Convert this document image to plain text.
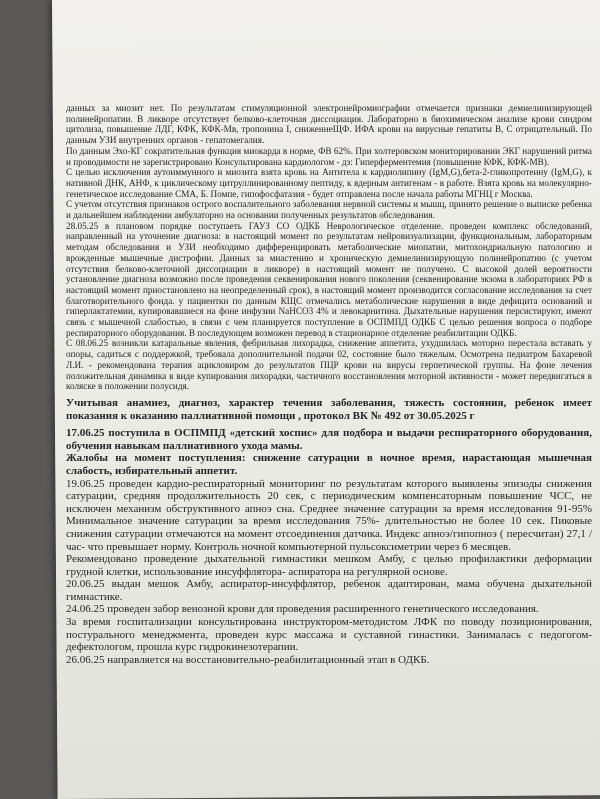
данных за миозит нет. По результатам стимуляционной электронейромиографии отмечается признаки демиелинизирующей полинейропатии. В ликворе отсутствует белково-клеточная диссоциация. Лабораторно в биохимическом анализе крови синдром цитолиза, повышение ЛДГ, КФК, КФК-Мв, тропонина I, сниженнеЩФ. ИФА крови на вирусные гепатиты В, С отрицательный. По данным УЗИ внутренних органов - гепатомегалия.

По данным Эхо-КГ сократительная функция миокарда в норме, ФВ 62%. При холтеровском мониторировании ЭКГ нарушений ритма и проводимости не зарегистрировано Консультирована кардиологом - дз: Гиперферментемия (повышение КФК, КФК-МВ).

С целью исключения аутоиммунного и миозита взята кровь на Антитела к кардиолипину (IgM,G),бета-2-гликопротеину (IgM,G), к нативной ДНК, АНФ, к циклическому цитруллинированному пептиду, к ядерным антигенам - в работе. Взята кровь на молекулярно-генетическое исследование СМА, Б. Помпе, гипофосфатазия - будет отправлена после начала работы МГНЦ г Москва.

С учетом отсутствия признаков острого воспалительного заболевания нервной системы и мышц, принято решение о выписке ребенка и дальнейшем наблюдении амбулаторно на основании полученных результатов обследования.

28.05.25 в плановом порядке поступаеть ГАУЗ СО ОДКБ Неврологическое отделение. проведен комплекс обследований, направленный на уточнение диагноза: в настоящий момент по результатам нейровизуализации, функциональным, лабораторным методам обследования и УЗИ необходимо дифференцировать метаболические миопатии, митохондриальную патологию и врожденные мышечные дистрофии. Данных за миастению и хроническую демиелинизирующую полинейропатию (с учетом отсутствия белково-клеточной диссоциации в ликворе) в настоящий момент не получено. С высокой долей вероятности установление диагноза возможно после проведения секвенирования нового поколения (секвенирование экзома в лабораториях РФ в настоящий момент приостановлено на неопределенный срок), в настоящий момент производится согласование исследования за счет благотворительного фонда. у пациентки по данным КЩС отмечались метаболические нарушения в виде дефицита оснований и гиперлактатемии, купировавшиеся на фоне инфузии NaHCO3 4% и левокарнитина. Дыхательные нарушения персистируют, имеют связь с мышечной слабостью, в связи с чем планируется поступление в ОСПМПД ОДКБ С целью решения вопроса о подборе респираторного оборудования. В последующем возможен перевод в стационарное отделение реабилитации ОДКБ.

С 08.06.25 возникли катаральные явления, фебрильная лихорадка, снижение аппетита, ухудшилась моторно перестала вставать у опоры, садиться с поддержкой, требовала дополнительной подачи 02, состояние было тяжелым. Осмотрена педиатром Бахаревой Л.И. - рекомендована терапия ацикловиром до результатов ПЦР крови на вирусы герпетической группы. На фоне лечения положительная динамика в виде купирования лихорадки, частичного восстановления моторной активности - может передвигаться в коляске в положении полусидя.

Учитывая анамнез, диагноз, характер течения заболевания, тяжесть состояния, ребенок имеет показания к оказанию паллиативной помощи , протокол ВК № 492 от 30.05.2025 г

17.06.25 поступила в ОСПМПД «детский хоспис» для подбора и выдачи респираторного оборудования, обучения навыкам паллиативного ухода мамы.

Жалобы на момент поступления: снижение сатурации в ночное время, нарастающая мышечная слабость, избирательный аппетит.

19.06.25 проведен кардио-респираторный мониторинг по результатам которого выявлены эпизоды снижения сатурации, средняя продолжительность 20 сек, с периодическим компенсаторным повышение ЧСС, не исключен механизм обструктивного апноэ сна. Среднее значение сатурации за время исследования 91-95% Минимальное значение сатурации за время исследования 75%- длительностью не более 10 сек. Пиковые снижения сатурации отмечаются на момент отсоединения датчика. Индекс апноэ/гипопноэ ( пересчитан) 27,1 /час- что превышает норму. Контроль ночной компьютерной пульсоксиметрии через 6 месяцев.

Рекомендовано проведение дыхательной гимнастики мешком Амбу, с целью профилактики деформации грудной клетки, использование инсуффлятора- аспиратора на регулярной основе.

20.06.25 выдан мешок Амбу, аспиратор-инсуффлятор, ребенок адаптирован, мама обучена дыхательной гимнастике.

24.06.25 проведен забор венозной крови для проведения расширенного генетического исследования.

За время госпитализации консультирована инструктором-методистом ЛФК по поводу позиционирования, постурального менеджмента, проведен курс массажа и суставной гинастики. Занималась с педогогом-дефектологом, прошла курс гидрокинезотерапии.

26.06.25 направляется на восстановительно-реабилитационный этап в ОДКБ.
